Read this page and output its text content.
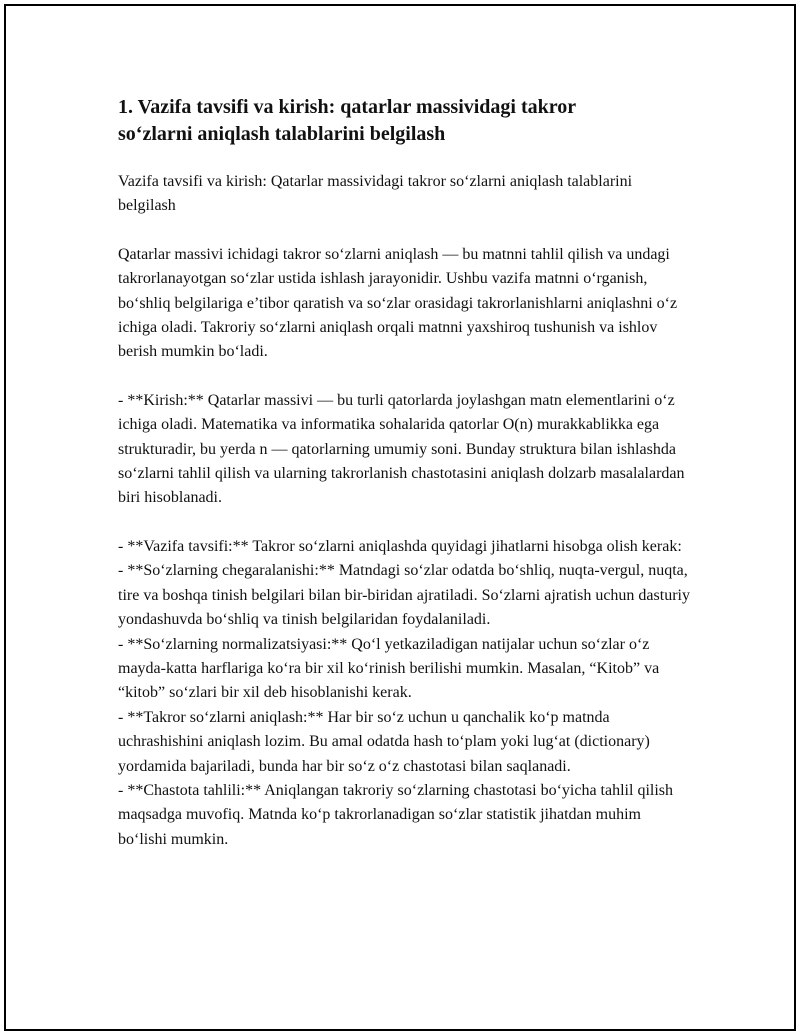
1. Vazifa tavsifi va kirish: qatarlar massividagi takror
so‘zlarni aniqlash talablarini belgilash

Vazifa tavsifi va kirish: Qatarlar massividagi takror so‘zlarni aniqlash talablarini belgilash

Qatarlar massivi ichidagi takror so‘zlarni aniqlash — bu matnni tahlil qilish va undagi takrorlanayotgan so‘zlar ustida ishlash jarayonidir. Ushbu vazifa matnni o‘rganish, bo‘shliq belgilariga e’tibor qaratish va so‘zlar orasidagi takrorlanishlarni aniqlashni o‘z ichiga oladi. Takroriy so‘zlarni aniqlash orqali matnni yaxshiroq tushunish va ishlov berish mumkin bo‘ladi.

- **Kirish:** Qatarlar massivi — bu turli qatorlarda joylashgan matn elementlarini o‘z ichiga oladi. Matematika va informatika sohalarida qatorlar O(n) murakkablikka ega strukturadir, bu yerda n — qatorlarning umumiy soni. Bunday struktura bilan ishlashda so‘zlarni tahlil qilish va ularning takrorlanish chastotasini aniqlash dolzarb masalalardan biri hisoblanadi.

- **Vazifa tavsifi:** Takror so‘zlarni aniqlashda quyidagi jihatlarni hisobga olish kerak:

- **So‘zlarning chegaralanishi:** Matndagi so‘zlar odatda bo‘shliq, nuqta-vergul, nuqta, tire va boshqa tinish belgilari bilan bir-biridan ajratiladi. So‘zlarni ajratish uchun dasturiy yondashuvda bo‘shliq va tinish belgilaridan foydalaniladi.

- **So‘zlarning normalizatsiyasi:** Qo‘l yetkaziladigan natijalar uchun so‘zlar o‘z mayda-katta harflariga ko‘ra bir xil ko‘rinish berilishi mumkin. Masalan, “Kitob” va “kitob” so‘zlari bir xil deb hisoblanishi kerak.

- **Takror so‘zlarni aniqlash:** Har bir so‘z uchun u qanchalik ko‘p matnda uchrashishini aniqlash lozim. Bu amal odatda hash to‘plam yoki lug‘at (dictionary) yordamida bajariladi, bunda har bir so‘z o‘z chastotasi bilan saqlanadi.

- **Chastota tahlili:** Aniqlangan takroriy so‘zlarning chastotasi bo‘yicha tahlil qilish maqsadga muvofiq. Matnda ko‘p takrorlanadigan so‘zlar statistik jihatdan muhim bo‘lishi mumkin.
